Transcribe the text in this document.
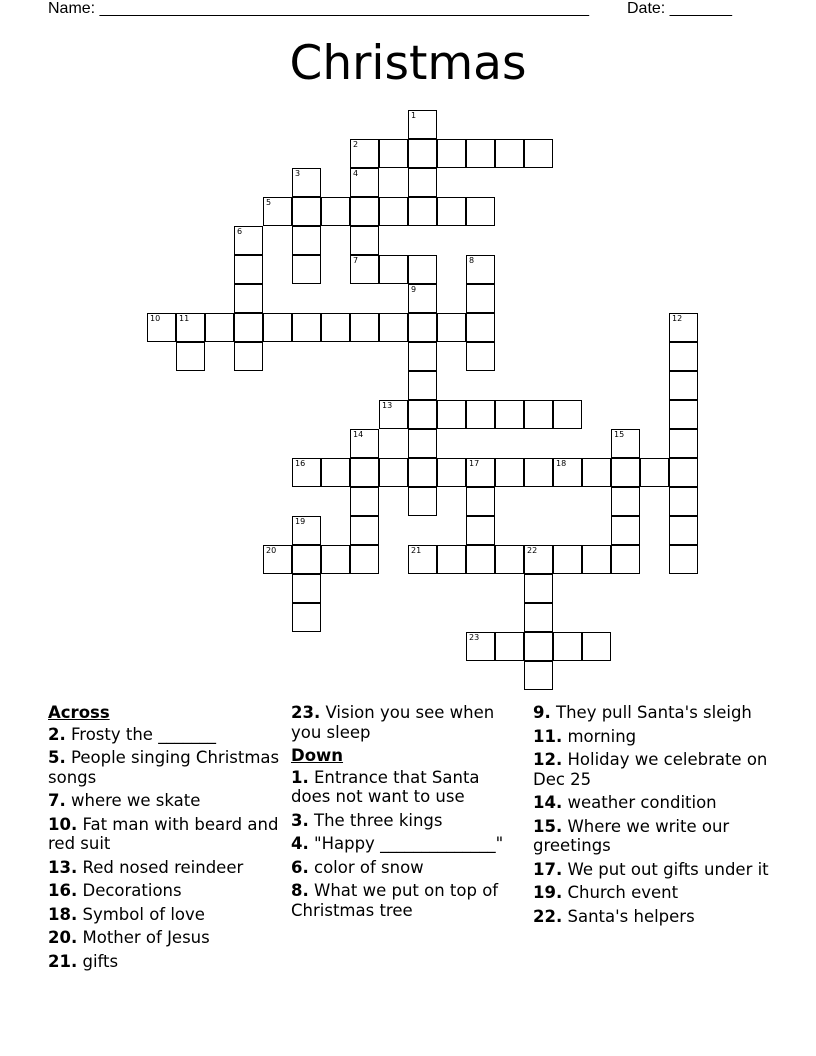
Name: _______________________________________________________ Date: _______
Christmas
1
2
3	4
5
6
7	8
9
10 11	12
13
14	15
16	17	18
19
20	21	22
23
Across
2. Frosty the _______
5. People singing Christmas songs
7. where we skate
10. Fat man with beard and red suit
13. Red nosed reindeer
16. Decorations
18. Symbol of love
20. Mother of Jesus
21. gifts
23. Vision you see when you sleep
Down
1. Entrance that Santa does not want to use
3. The three kings
4. "Happy ______________"
6. color of snow
8. What we put on top of Christmas tree
9. They pull Santa's sleigh
11. morning
12. Holiday we celebrate on Dec 25
14. weather condition
15. Where we write our greetings
17. We put out gifts under it
19. Church event
22. Santa's helpers
